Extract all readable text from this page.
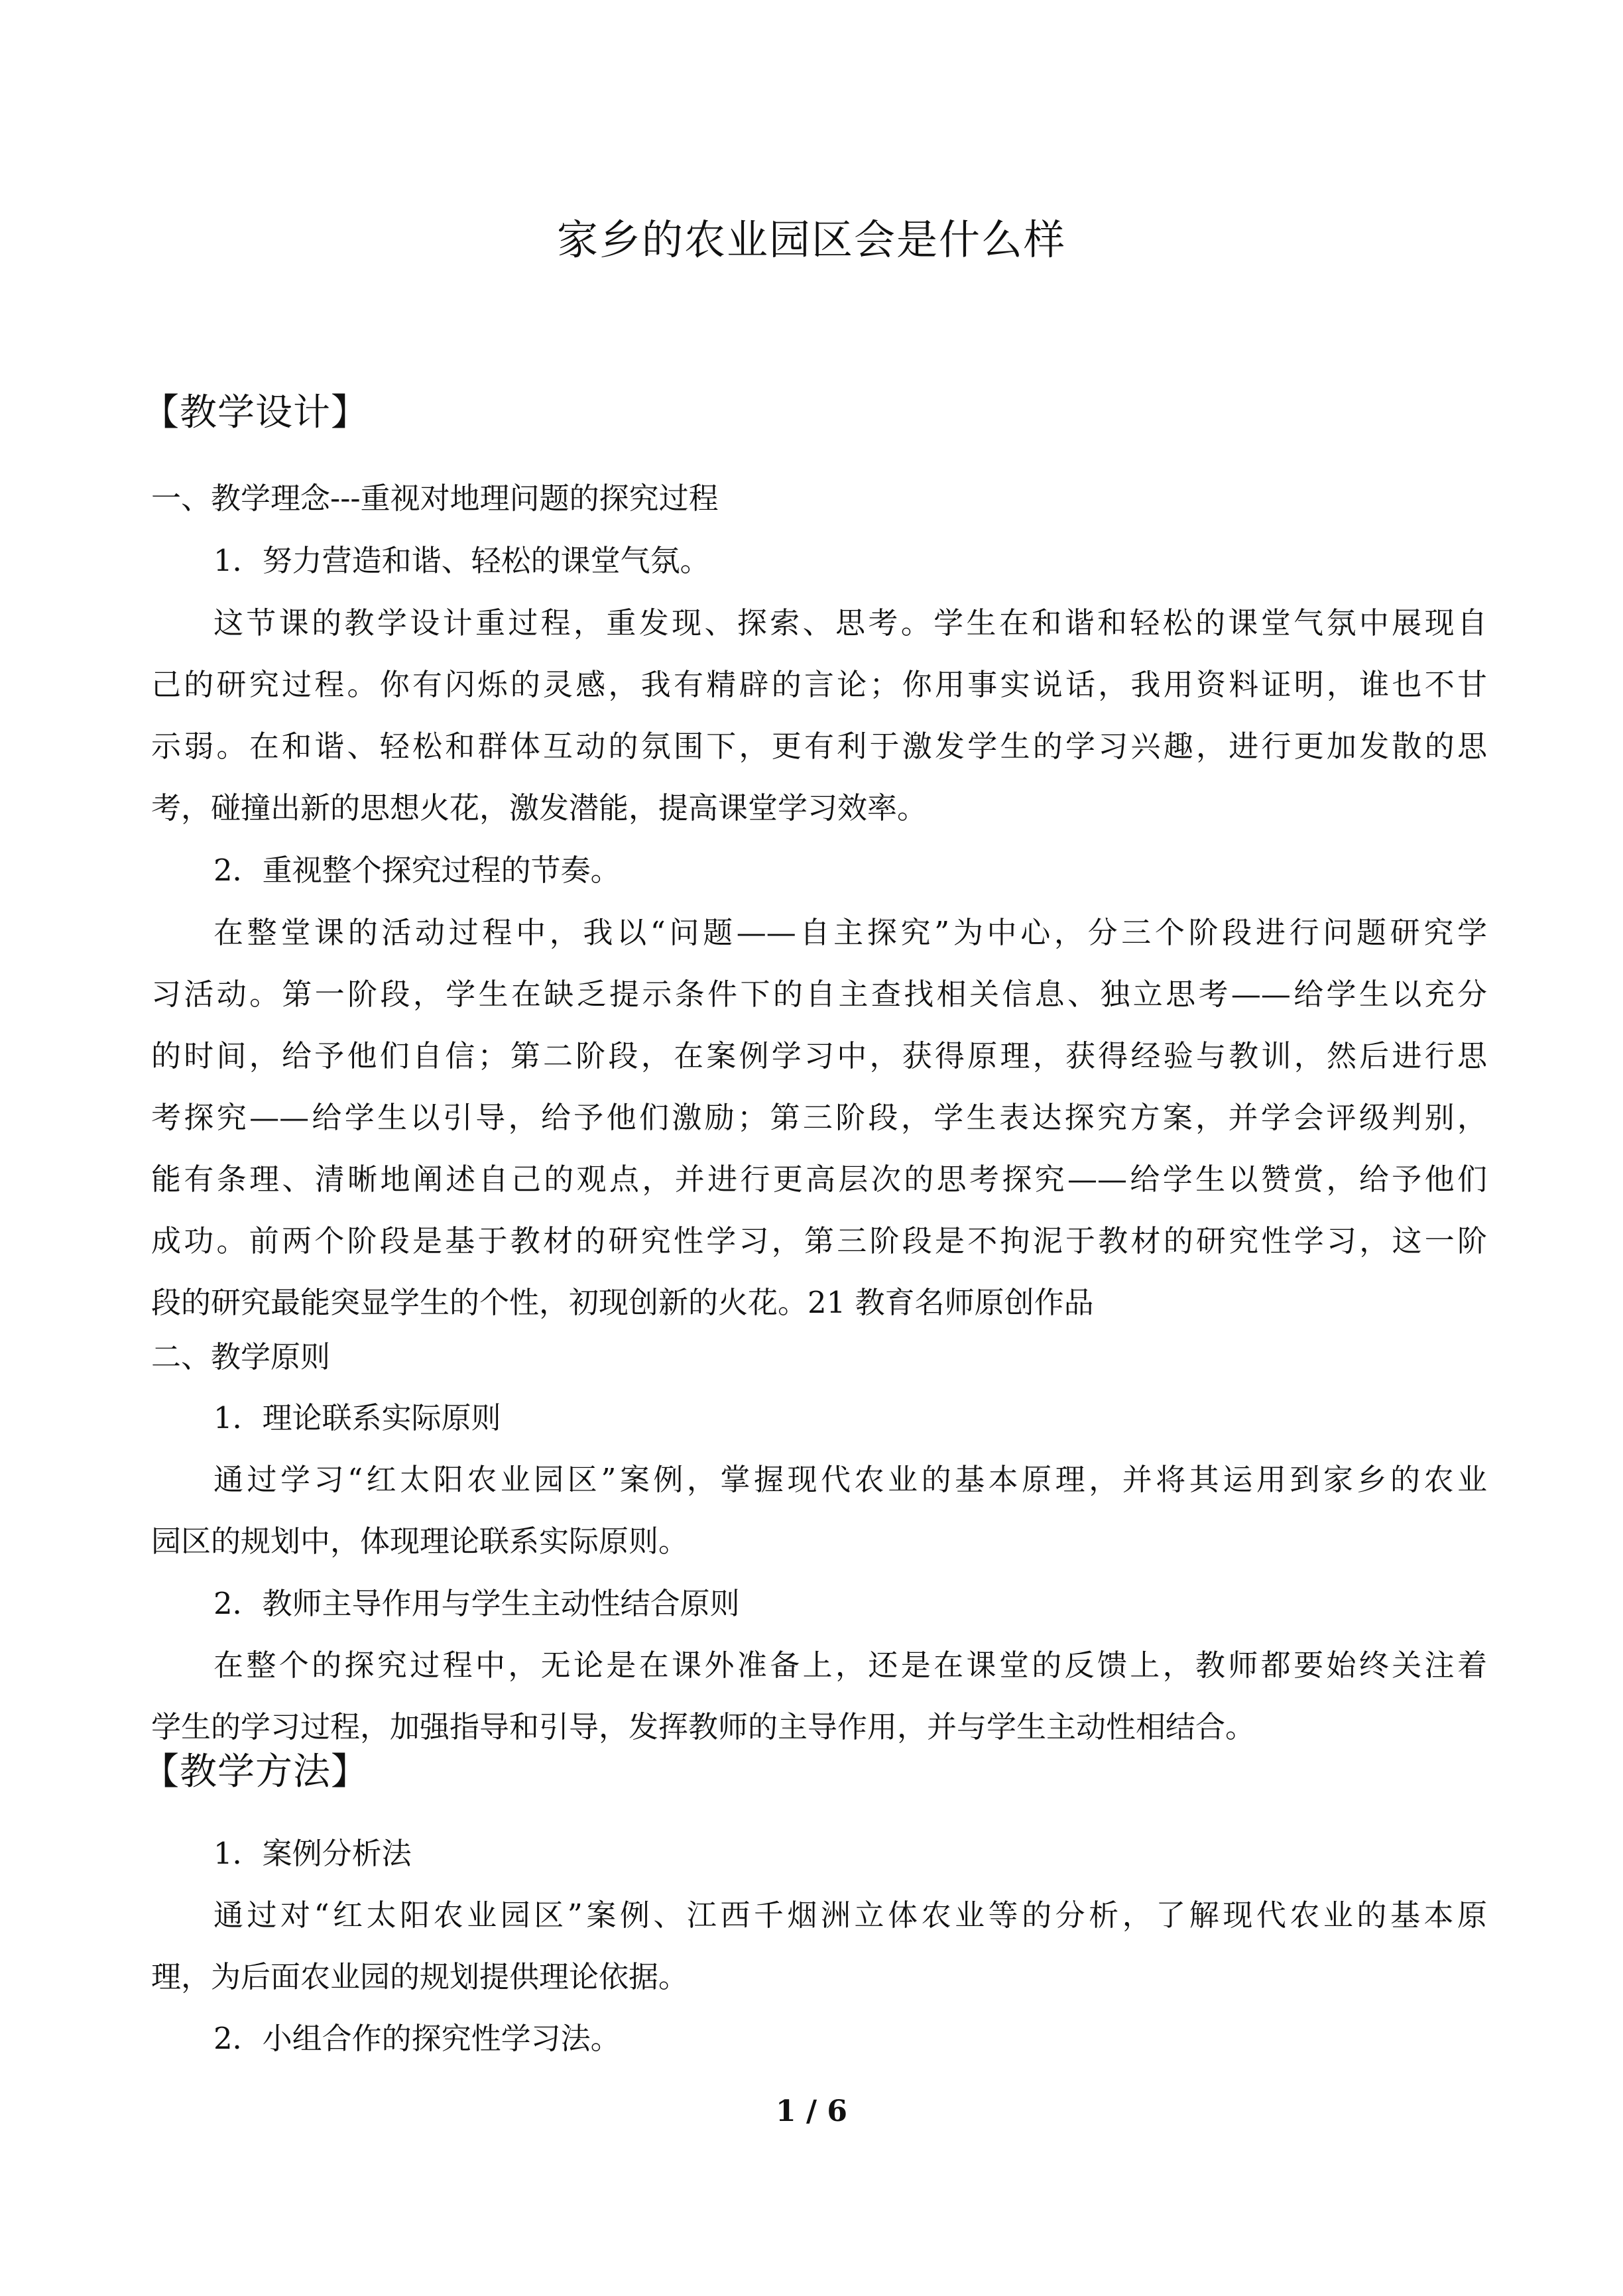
家乡的农业园区会是什么样
【教学设计】
一、教学理念---重视对地理问题的探究过程
1．努力营造和谐、轻松的课堂气氛。
这节课的教学设计重过程，重发现、探索、思考。学生在和谐和轻松的课堂气氛中展现自
己的研究过程。你有闪烁的灵感，我有精辟的言论；你用事实说话，我用资料证明，谁也不甘
示弱。在和谐、轻松和群体互动的氛围下，更有利于激发学生的学习兴趣，进行更加发散的思
考，碰撞出新的思想火花，激发潜能，提高课堂学习效率。
2．重视整个探究过程的节奏。
在整堂课的活动过程中，我以“问题——自主探究”为中心，分三个阶段进行问题研究学
习活动。第一阶段，学生在缺乏提示条件下的自主查找相关信息、独立思考——给学生以充分
的时间，给予他们自信；第二阶段，在案例学习中，获得原理，获得经验与教训，然后进行思
考探究——给学生以引导，给予他们激励；第三阶段，学生表达探究方案，并学会评级判别，
能有条理、清晰地阐述自己的观点，并进行更高层次的思考探究——给学生以赞赏，给予他们
成功。前两个阶段是基于教材的研究性学习，第三阶段是不拘泥于教材的研究性学习，这一阶
段的研究最能突显学生的个性，初现创新的火花。21 教育名师原创作品
二、教学原则
1．理论联系实际原则
通过学习“红太阳农业园区”案例，掌握现代农业的基本原理，并将其运用到家乡的农业
园区的规划中，体现理论联系实际原则。
2．教师主导作用与学生主动性结合原则
在整个的探究过程中，无论是在课外准备上，还是在课堂的反馈上，教师都要始终关注着
学生的学习过程，加强指导和引导，发挥教师的主导作用，并与学生主动性相结合。
【教学方法】
1．案例分析法
通过对“红太阳农业园区”案例、江西千烟洲立体农业等的分析，了解现代农业的基本原
理，为后面农业园的规划提供理论依据。
2．小组合作的探究性学习法。
1 / 6
